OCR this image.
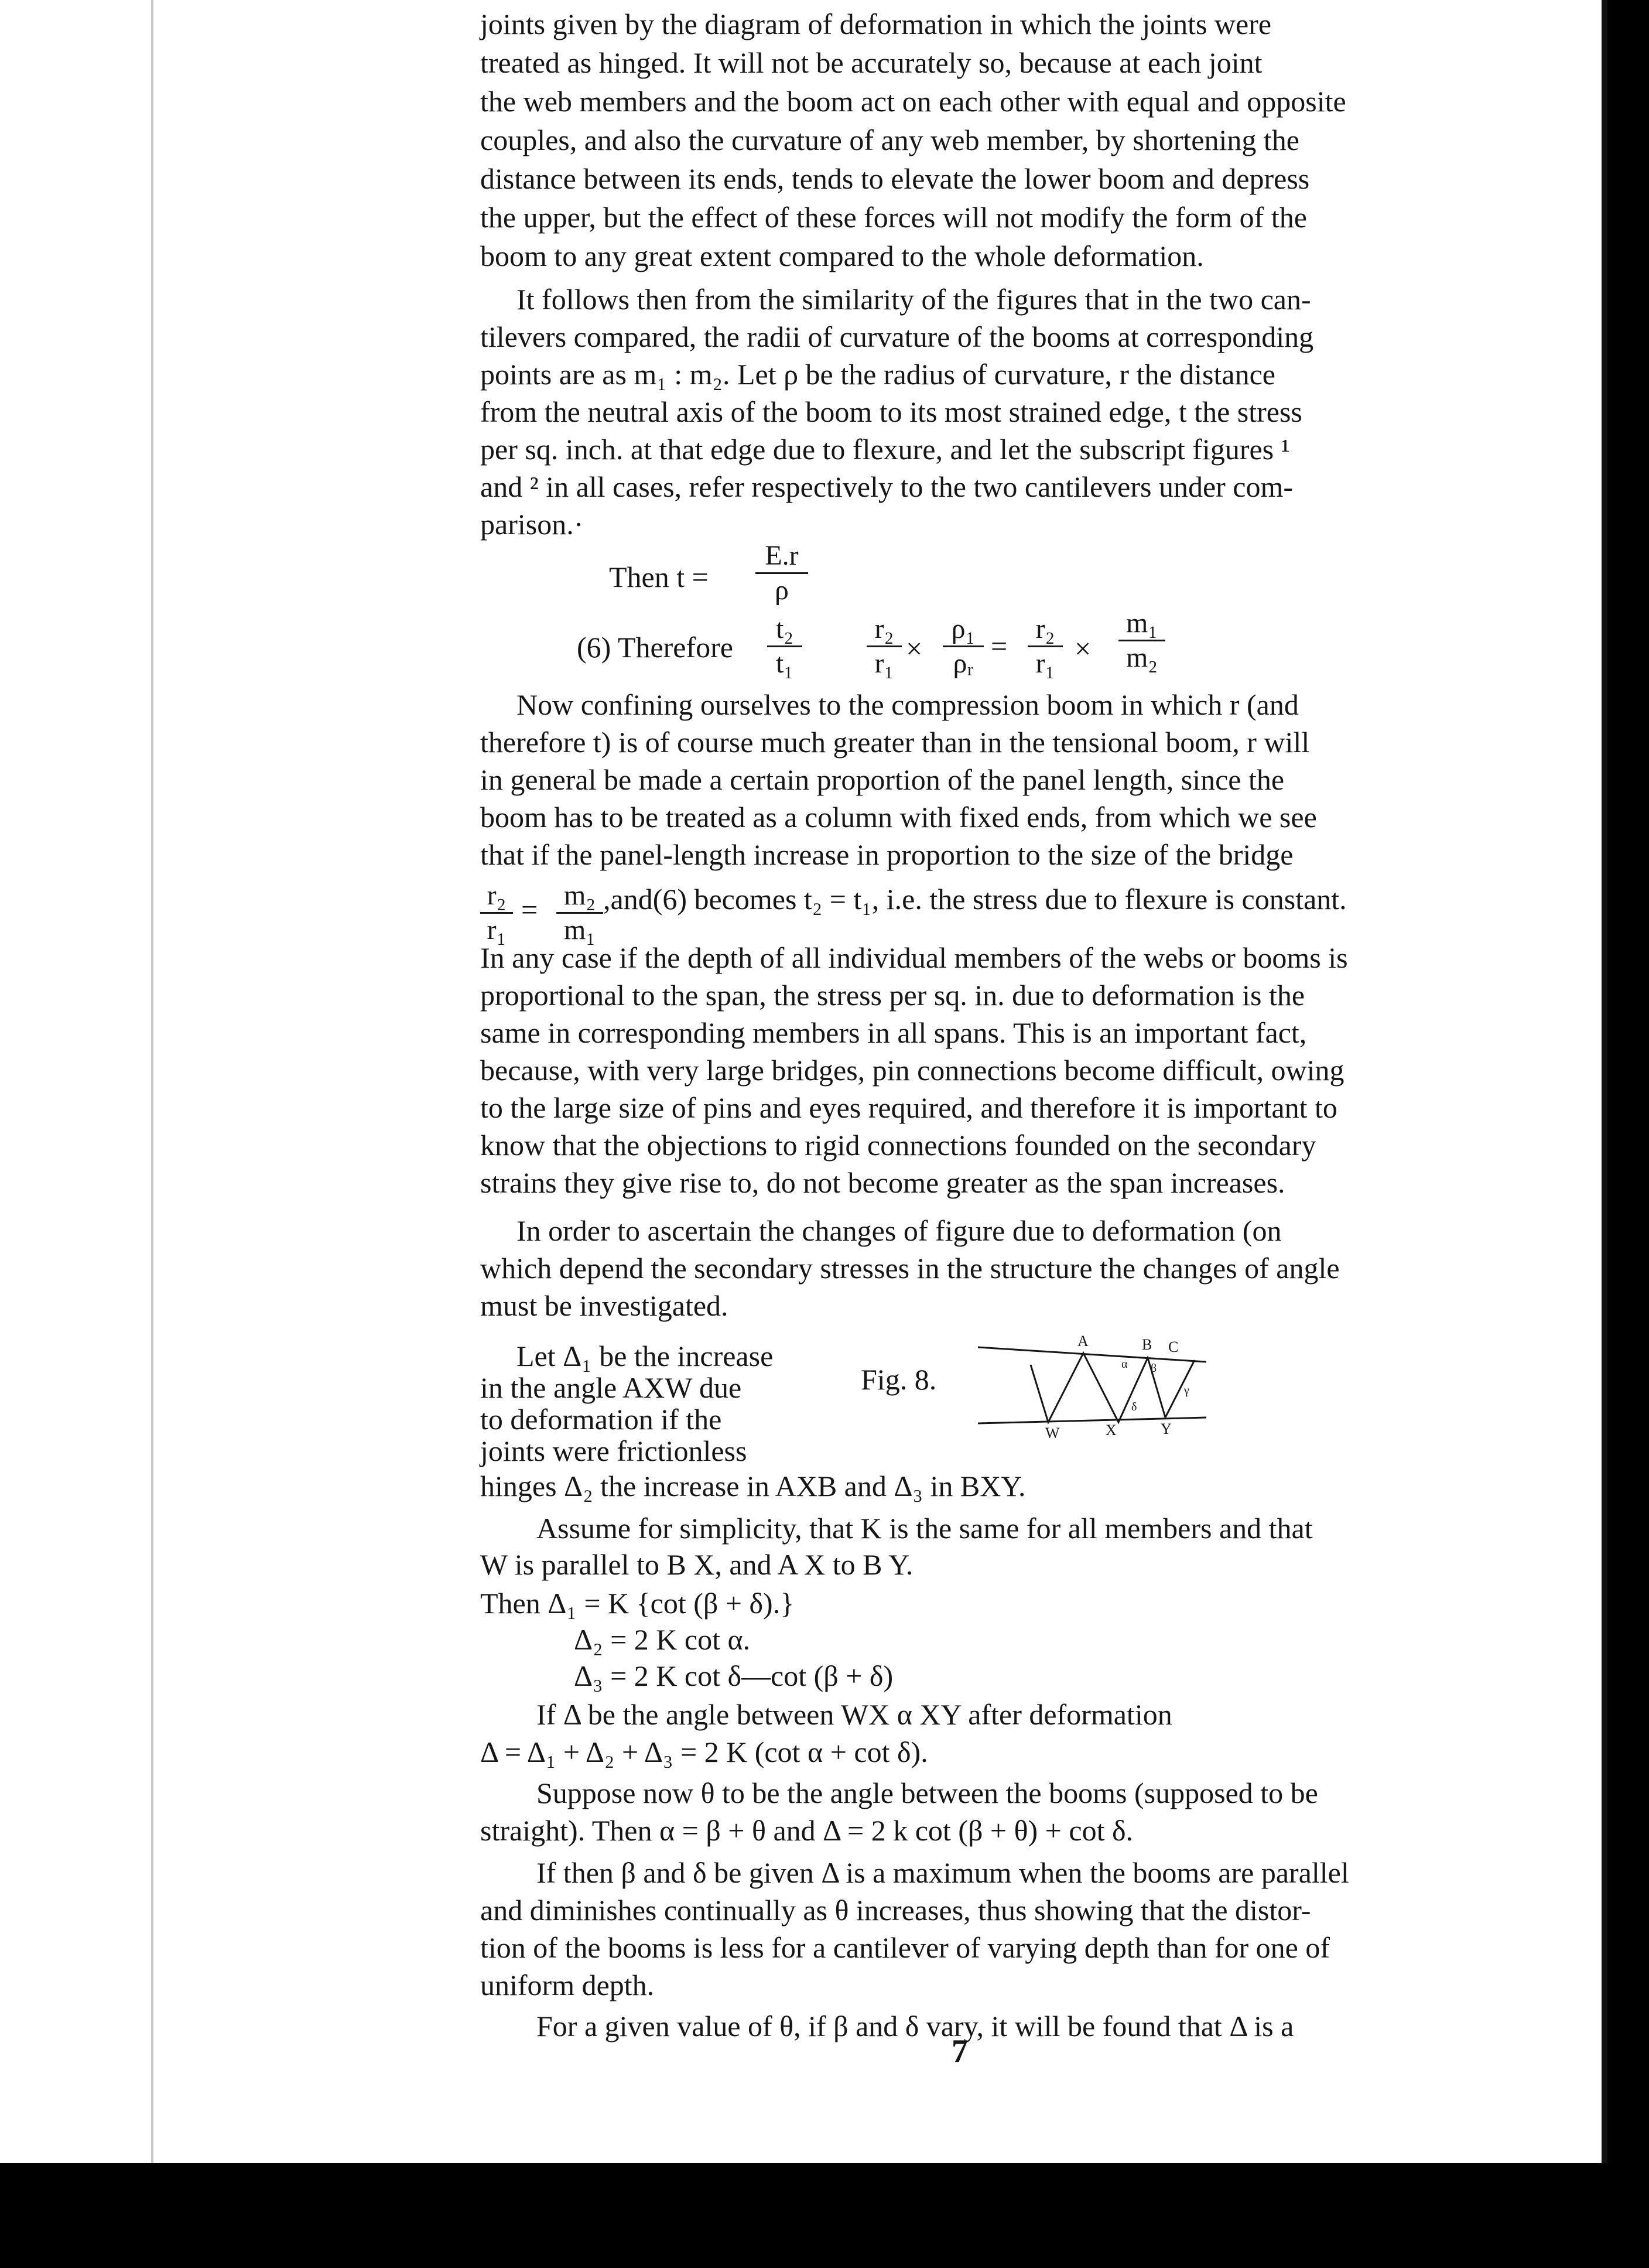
joints given by the diagram of deformation in which the joints were
treated as hinged. It will not be accurately so, because at each joint
the web members and the boom act on each other with equal and opposite
couples, and also the curvature of any web member, by shortening the
distance between its ends, tends to elevate the lower boom and depress
the upper, but the effect of these forces will not modify the form of the
boom to any great extent compared to the whole deformation.
It follows then from the similarity of the figures that in the two can-
tilevers compared, the radii of curvature of the booms at corresponding
points are as m₁ : m₂. Let ρ be the radius of curvature, r the distance
from the neutral axis of the boom to its most strained edge, t the stress
per sq. inch. at that edge due to flexure, and let the subscript figures ¹
and ² in all cases, refer respectively to the two cantilevers under com-
parison.·
Then t =
E.r
ρ
(6) Therefore
t₂
t₁
r₂
r₁ ×
ρ₁
ρᵣ
=
r₂
r₁ ×
m₁
m₂
Now confining ourselves to the compression boom in which r (and
therefore t) is of course much greater than in the tensional boom, r will
in general be made a certain proportion of the panel length, since the
boom has to be treated as a column with fixed ends, from which we see
that if the panel-length increase in proportion to the size of the bridge
r₂
r₁
= m₂
m₁
,and(6) becomes t₂ = t₁, i.e. the stress due to flexure is constant.
In any case if the depth of all individual members of the webs or booms is
proportional to the span, the stress per sq. in. due to deformation is the
same in corresponding members in all spans. This is an important fact,
because, with very large bridges, pin connections become difficult, owing
to the large size of pins and eyes required, and therefore it is important to
know that the objections to rigid connections founded on the secondary
strains they give rise to, do not become greater as the span increases.
In order to ascertain the changes of figure due to deformation (on
which depend the secondary stresses in the structure the changes of angle
must be investigated.
Let Δ₁ be the increase
in the angle AXW due
to deformation if the
joints were frictionless
Fig. 8.
hinges Δ₂ the increase in AXB and Δ₃ in BXY.
Assume for simplicity, that K is the same for all members and that
W is parallel to B X, and A X to B Y.
Then Δ₁ = K {cot (β + δ).}
Δ₂ = 2 K cot α.
Δ₃ = 2 K cot δ—cot (β + δ)
If Δ be the angle between WX α XY after deformation
Δ = Δ₁ + Δ₂ + Δ₃ = 2 K (cot α + cot δ).
Suppose now θ to be the angle between the booms (supposed to be
straight). Then α = β + θ and Δ = 2 k cot (β + θ) + cot δ.
If then β and δ be given Δ is a maximum when the booms are parallel
and diminishes continually as θ increases, thus showing that the distor-
tion of the booms is less for a cantilever of varying depth than for one of
uniform depth.
For a given value of θ, if β and δ vary, it will be found that Δ is a
A	B C
W	X	Y
α β
δ
γ
7
